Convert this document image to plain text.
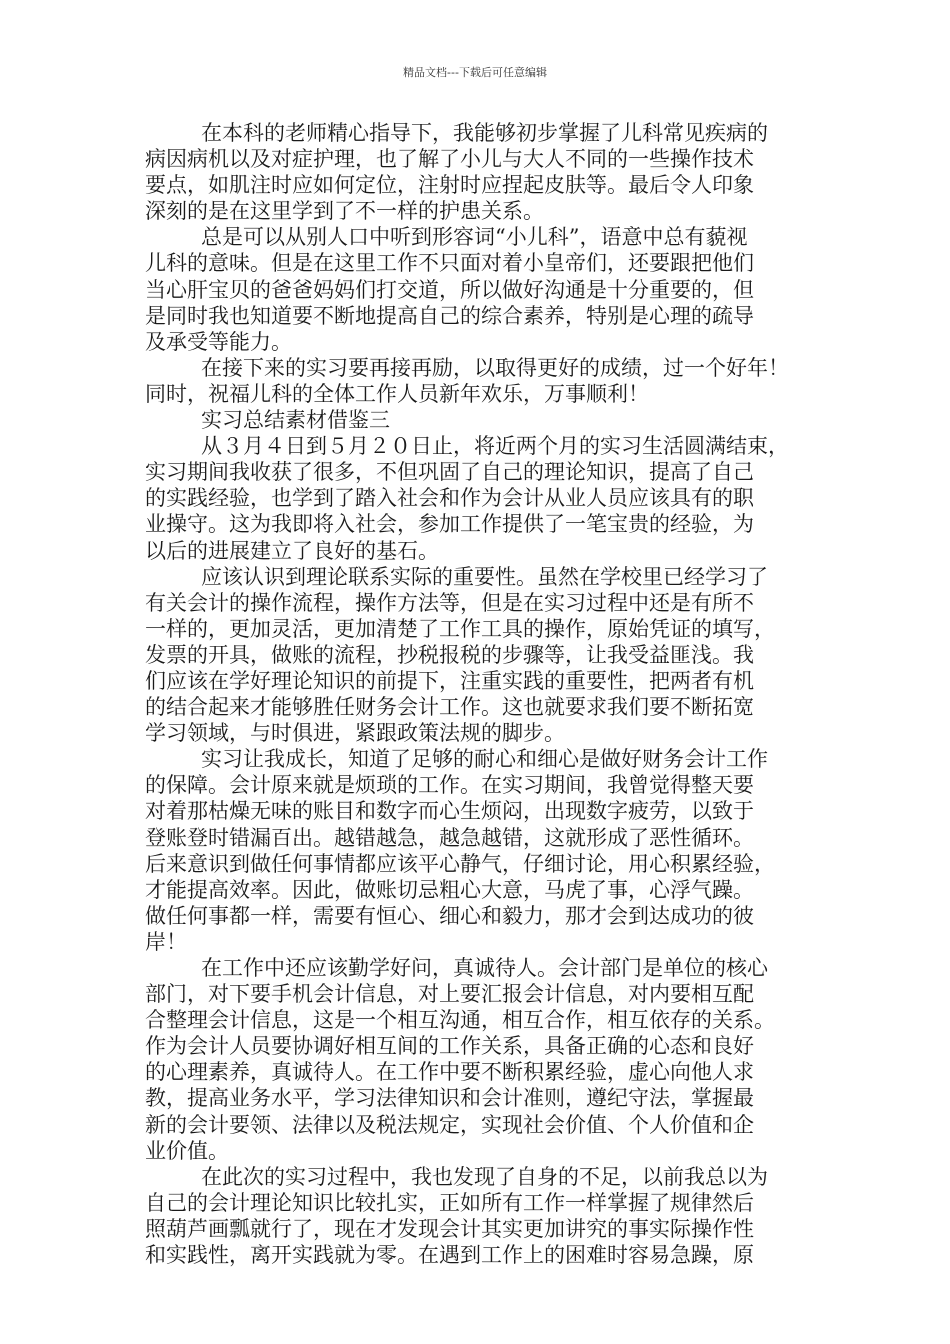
精品文档---下载后可任意编辑
在本科的老师精心指导下，我能够初步掌握了儿科常见疾病的
病因病机以及对症护理，也了解了小儿与大人不同的一些操作技术
要点，如肌注时应如何定位，注射时应捏起皮肤等。最后令人印象
深刻的是在这里学到了不一样的护患关系。
总是可以从别人口中听到形容词“小儿科”，语意中总有藐视
儿科的意味。但是在这里工作不只面对着小皇帝们，还要跟把他们
当心肝宝贝的爸爸妈妈们打交道，所以做好沟通是十分重要的，但
是同时我也知道要不断地提高自己的综合素养，特别是心理的疏导
及承受等能力。
在接下来的实习要再接再励，以取得更好的成绩，过一个好年！
同时，祝福儿科的全体工作人员新年欢乐，万事顺利！
实习总结素材借鉴三
从３月４日到５月２０日止，将近两个月的实习生活圆满结束，
实习期间我收获了很多，不但巩固了自己的理论知识，提高了自己
的实践经验，也学到了踏入社会和作为会计从业人员应该具有的职
业操守。这为我即将入社会，参加工作提供了一笔宝贵的经验，为
以后的进展建立了良好的基石。
应该认识到理论联系实际的重要性。虽然在学校里已经学习了
有关会计的操作流程，操作方法等，但是在实习过程中还是有所不
一样的，更加灵活，更加清楚了工作工具的操作，原始凭证的填写，
发票的开具，做账的流程，抄税报税的步骤等，让我受益匪浅。我
们应该在学好理论知识的前提下，注重实践的重要性，把两者有机
的结合起来才能够胜任财务会计工作。这也就要求我们要不断拓宽
学习领域，与时俱进，紧跟政策法规的脚步。
实习让我成长，知道了足够的耐心和细心是做好财务会计工作
的保障。会计原来就是烦琐的工作。在实习期间，我曾觉得整天要
对着那枯燥无味的账目和数字而心生烦闷，出现数字疲劳，以致于
登账登时错漏百出。越错越急，越急越错，这就形成了恶性循环。
后来意识到做任何事情都应该平心静气，仔细讨论，用心积累经验，
才能提高效率。因此，做账切忌粗心大意，马虎了事，心浮气躁。
做任何事都一样，需要有恒心、细心和毅力，那才会到达成功的彼
岸！
在工作中还应该勤学好问，真诚待人。会计部门是单位的核心
部门，对下要手机会计信息，对上要汇报会计信息，对内要相互配
合整理会计信息，这是一个相互沟通，相互合作，相互依存的关系。
作为会计人员要协调好相互间的工作关系，具备正确的心态和良好
的心理素养，真诚待人。在工作中要不断积累经验，虚心向他人求
教，提高业务水平，学习法律知识和会计准则，遵纪守法，掌握最
新的会计要领、法律以及税法规定，实现社会价值、个人价值和企
业价值。
在此次的实习过程中，我也发现了自身的不足，以前我总以为
自己的会计理论知识比较扎实，正如所有工作一样掌握了规律然后
照葫芦画瓢就行了，现在才发现会计其实更加讲究的事实际操作性
和实践性，离开实践就为零。在遇到工作上的困难时容易急躁，原
